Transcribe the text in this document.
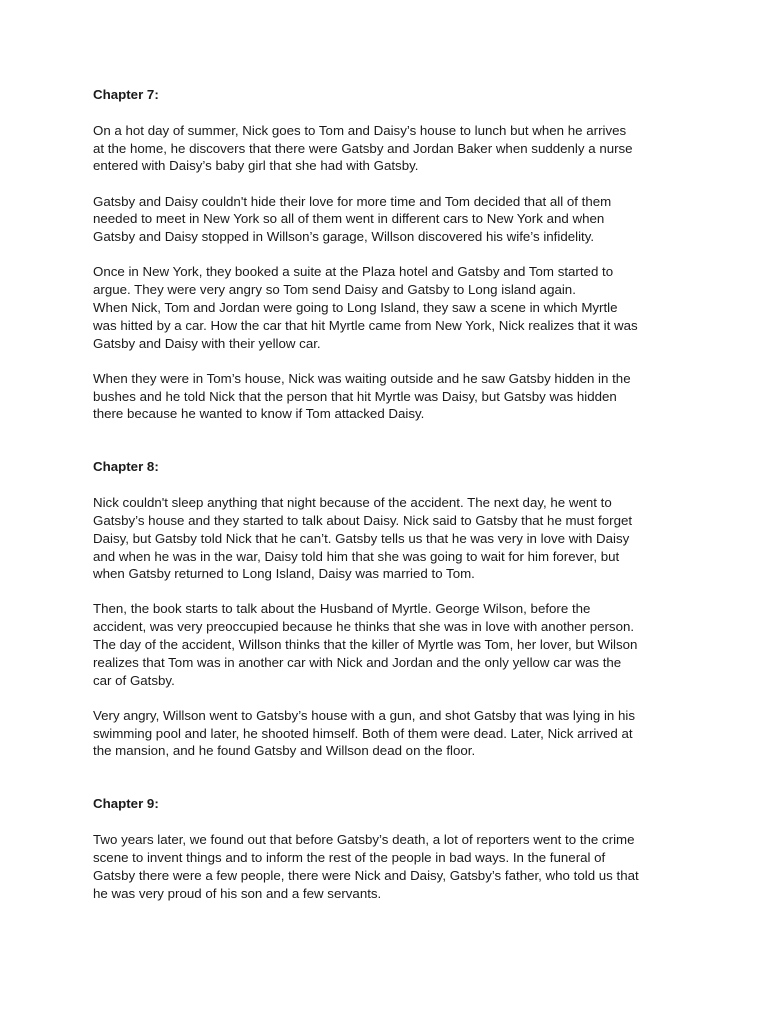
Chapter 7:

On a hot day of summer, Nick goes to Tom and Daisy’s house to lunch but when he arrives
at the home, he discovers that there were Gatsby and Jordan Baker when suddenly a nurse
entered with Daisy’s baby girl that she had with Gatsby.

Gatsby and Daisy couldn't hide their love for more time and Tom decided that all of them
needed to meet in New York so all of them went in different cars to New York and when
Gatsby and Daisy stopped in Willson’s garage, Willson discovered his wife’s infidelity.

Once in New York, they booked a suite at the Plaza hotel and Gatsby and Tom started to
argue. They were very angry so Tom send Daisy and Gatsby to Long island again.
When Nick, Tom and Jordan were going to Long Island, they saw a scene in which Myrtle
was hitted by a car. How the car that hit Myrtle came from New York, Nick realizes that it was
Gatsby and Daisy with their yellow car.

When they were in Tom’s house, Nick was waiting outside and he saw Gatsby hidden in the
bushes and he told Nick that the person that hit Myrtle was Daisy, but Gatsby was hidden
there because he wanted to know if Tom attacked Daisy.

Chapter 8:

Nick couldn't sleep anything that night because of the accident. The next day, he went to
Gatsby’s house and they started to talk about Daisy. Nick said to Gatsby that he must forget
Daisy, but Gatsby told Nick that he can’t. Gatsby tells us that he was very in love with Daisy
and when he was in the war, Daisy told him that she was going to wait for him forever, but
when Gatsby returned to Long Island, Daisy was married to Tom.

Then, the book starts to talk about the Husband of Myrtle. George Wilson, before the
accident, was very preoccupied because he thinks that she was in love with another person.
The day of the accident, Willson thinks that the killer of Myrtle was Tom, her lover, but Wilson
realizes that Tom was in another car with Nick and Jordan and the only yellow car was the
car of Gatsby.

Very angry, Willson went to Gatsby’s house with a gun, and shot Gatsby that was lying in his
swimming pool and later, he shooted himself. Both of them were dead. Later, Nick arrived at
the mansion, and he found Gatsby and Willson dead on the floor.

Chapter 9:

Two years later, we found out that before Gatsby’s death, a lot of reporters went to the crime
scene to invent things and to inform the rest of the people in bad ways. In the funeral of
Gatsby there were a few people, there were Nick and Daisy, Gatsby’s father, who told us that
he was very proud of his son and a few servants.
